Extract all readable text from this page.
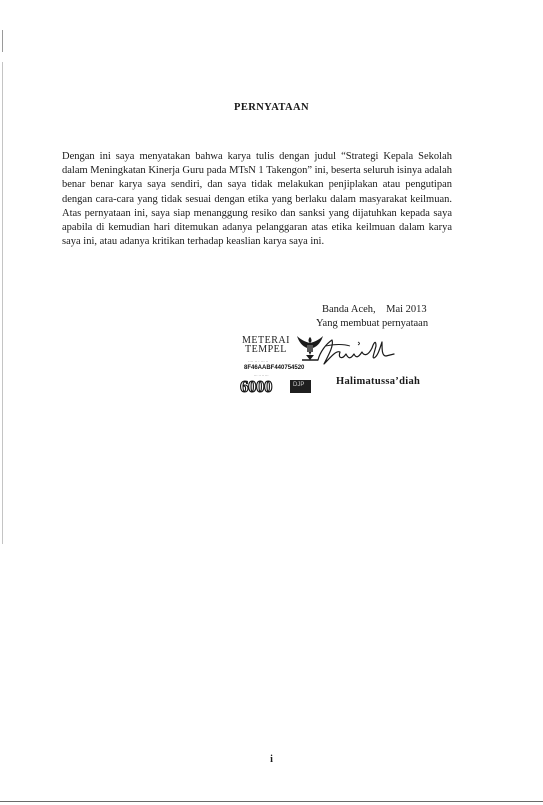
PERNYATAAN

Dengan ini saya menyatakan bahwa karya tulis dengan judul “Strategi Kepala Sekolah dalam Meningkatan Kinerja Guru pada MTsN 1 Takengon” ini, beserta seluruh isinya adalah benar benar karya saya sendiri, dan saya tidak melakukan penjiplakan atau pengutipan dengan cara-cara yang tidak sesuai dengan etika yang berlaku dalam masyarakat keilmuan. Atas pernyataan ini, saya siap menanggung resiko dan sanksi yang dijatuhkan kepada saya apabila di kemudian hari ditemukan adanya pelanggaran atas etika keilmuan dalam karya saya ini, atau adanya kritikan terhadap keaslian karya saya ini.

Banda Aceh,    Mai 2013
Yang membuat pernyataan
METERAI
TEMPEL
···· ·· · ··· ··
8F46AABF440754520
··· ·· ·· ···
6000	DJP	Halimatussa’diah
i
